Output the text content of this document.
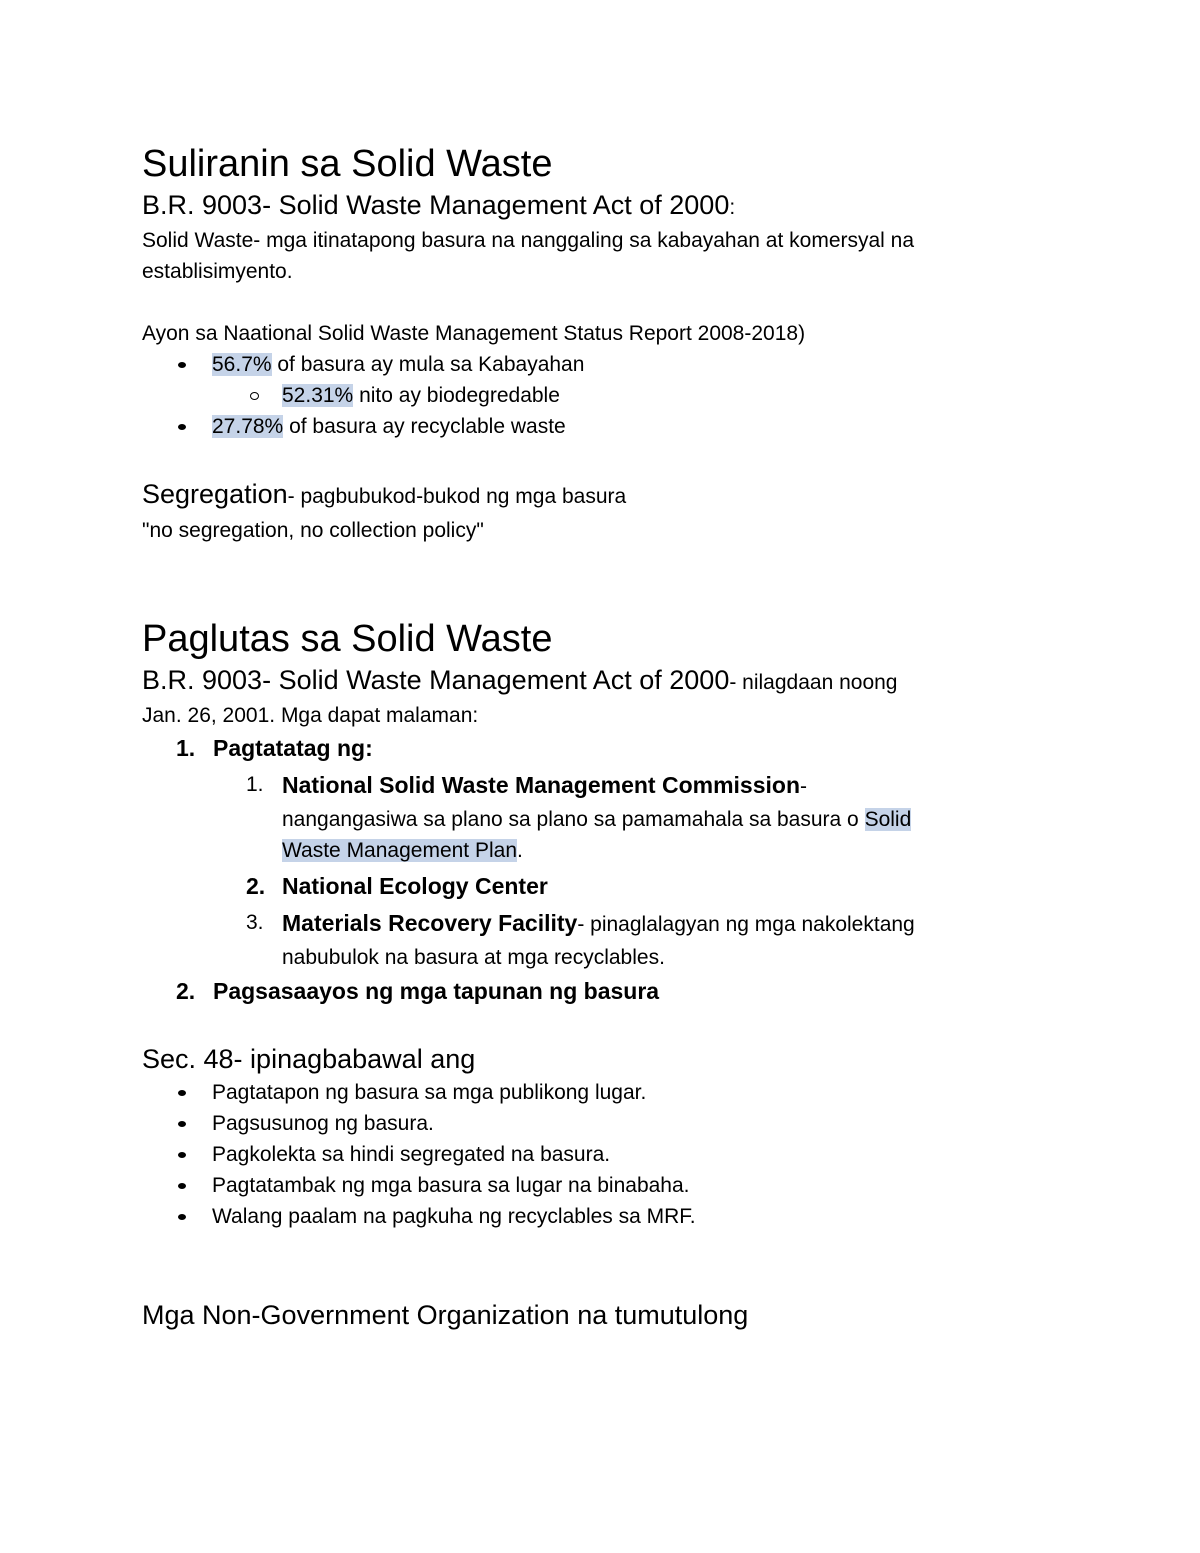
Suliranin sa Solid Waste
B.R. 9003- Solid Waste Management Act of 2000:

Solid Waste- mga itinatapong basura na nanggaling sa kabayahan at komersyal na establisimyento.

Ayon sa Naational Solid Waste Management Status Report 2008-2018)

56.7% of basura ay mula sa Kabayahan
52.31% nito ay biodegredable
27.78% of basura ay recyclable waste
Segregation- pagbubukod-bukod ng mga basura

"no segregation, no collection policy"

Paglutas sa Solid Waste
B.R. 9003- Solid Waste Management Act of 2000- nilagdaan noong

Jan. 26, 2001. Mga dapat malaman:

1. Pagtatatag ng:
1. National Solid Waste Management Commission-
nangangasiwa sa plano sa plano sa pamamahala sa basura o Solid
Waste Management Plan.
2. National Ecology Center
3. Materials Recovery Facility- pinaglalagyan ng mga nakolektang
nabubulok na basura at mga recyclables.
2. Pagsasaayos ng mga tapunan ng basura
Sec. 48- ipinagbabawal ang
Pagtatapon ng basura sa mga publikong lugar.
Pagsusunog ng basura.
Pagkolekta sa hindi segregated na basura.
Pagtatambak ng mga basura sa lugar na binabaha.
Walang paalam na pagkuha ng recyclables sa MRF.
Mga Non-Government Organization na tumutulong
